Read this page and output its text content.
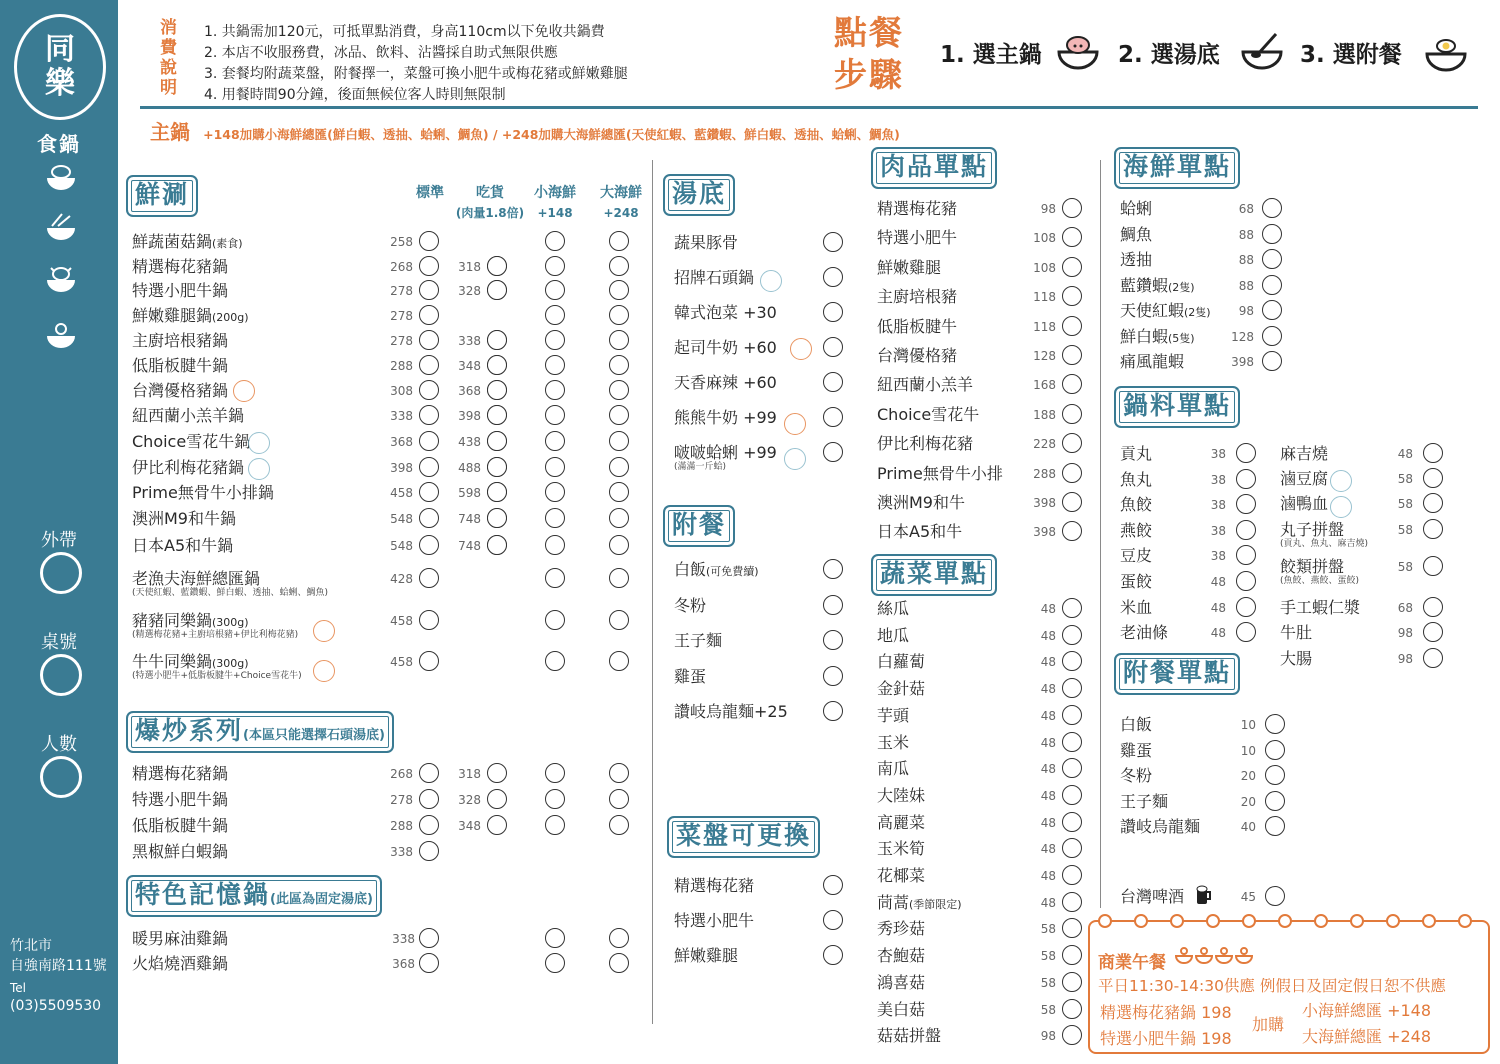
同
樂
食鍋
外帶
桌號
人數
竹北市
自強南路111號
Tel
(03)5509530
消
費
說
明
1. 共鍋需加120元，可抵單點消費，身高110cm以下免收共鍋費
2. 本店不收服務費，冰品、飲料、沾醬採自助式無限供應
3. 套餐均附蔬菜盤，附餐擇一，菜盤可換小肥牛或梅花豬或鮮嫩雞腿
4. 用餐時間90分鐘，後面無候位客人時則無限制
點餐
步驟 1. 選主鍋	2. 選湯底	3. 選附餐
主鍋 +148加購小海鮮總匯(鮮白蝦、透抽、蛤蜊、鯛魚) / +248加購大海鮮總匯(天使紅蝦、藍鑽蝦、鮮白蝦、透抽、蛤蜊、鯛魚)
鮮涮	標準	吃貨
(肉量1.8倍)
小海鮮
+148
大海鮮
+248
爆炒系列(本區只能選擇石頭湯底)
特色記憶鍋(此區為固定湯底)
湯底
附餐
菜盤可更換
肉品單點
蔬菜單點
海鮮單點
鍋料單點
附餐單點
商業午餐
平日11:30-14:30供應 例假日及固定假日恕不供應
精選梅花豬鍋 198
特選小肥牛鍋 198
加購
小海鮮總匯 +148
大海鮮總匯 +248
鮮蔬菌菇鍋(素食)	258
精選梅花豬鍋	268	318
特選小肥牛鍋	278	328
鮮嫩雞腿鍋(200g)	278
主廚培根豬鍋	278	338
低脂板腱牛鍋	288	348
台灣優格豬鍋	308	368
紐西蘭小羔羊鍋	338	398
Choice雪花牛鍋	368	438
伊比利梅花豬鍋	398	488
Prime無骨牛小排鍋	458	598
澳洲M9和牛鍋	548	748
日本A5和牛鍋	548	748
老漁夫海鮮總匯鍋
(天使紅蝦、藍鑽蝦、鮮白蝦、透抽、蛤蜊、鯛魚)
428
豬豬同樂鍋(300g)
(精選梅花豬+主廚培根豬+伊比利梅花豬)
458
牛牛同樂鍋(300g)
(特選小肥牛+低脂板腱牛+Choice雪花牛)
458
精選梅花豬鍋	268	318
特選小肥牛鍋	278	328
低脂板腱牛鍋	288	348
黑椒鮮白蝦鍋	338
暖男麻油雞鍋	338
火焰燒酒雞鍋	368
蔬果豚骨
招牌石頭鍋
韓式泡菜 +30
起司牛奶 +60
天香麻辣 +60
熊熊牛奶 +99
啵啵蛤蜊 +99
(滿滿一斤蛤)
白飯(可免費續)
冬粉
王子麵
雞蛋
讚岐烏龍麵+25
精選梅花豬
特選小肥牛
鮮嫩雞腿
精選梅花豬	98
特選小肥牛	108
鮮嫩雞腿	108
主廚培根豬	118
低脂板腱牛	118
台灣優格豬	128
紐西蘭小羔羊	168
Choice雪花牛	188
伊比利梅花豬	228
Prime無骨牛小排	288
澳洲M9和牛	398
日本A5和牛	398
絲瓜	48
地瓜	48
白蘿蔔	48
金針菇	48
芋頭	48
玉米	48
南瓜	48
大陸妹	48
高麗菜	48
玉米筍	48
花椰菜	48
茼蒿(季節限定)	48
秀珍菇	58
杏鮑菇	58
鴻喜菇	58
美白菇	58
菇菇拼盤	98
蛤蜊	68
鯛魚	88
透抽	88
藍鑽蝦(2隻)	88
天使紅蝦(2隻)	98
鮮白蝦(5隻)	128
痛風龍蝦	398
貢丸	38
魚丸	38
魚餃	38
燕餃	38
豆皮	38
蛋餃	48
米血	48
老油條	48
麻吉燒	48
滷豆腐	58
滷鴨血	58
丸子拼盤
(貢丸、魚丸、麻吉燒)
58
餃類拼盤
(魚餃、燕餃、蛋餃)
58
手工蝦仁漿	68
牛肚	98
大腸	98
白飯	10
雞蛋	10
冬粉	20
王子麵	20
讚岐烏龍麵	40
台灣啤酒	45
